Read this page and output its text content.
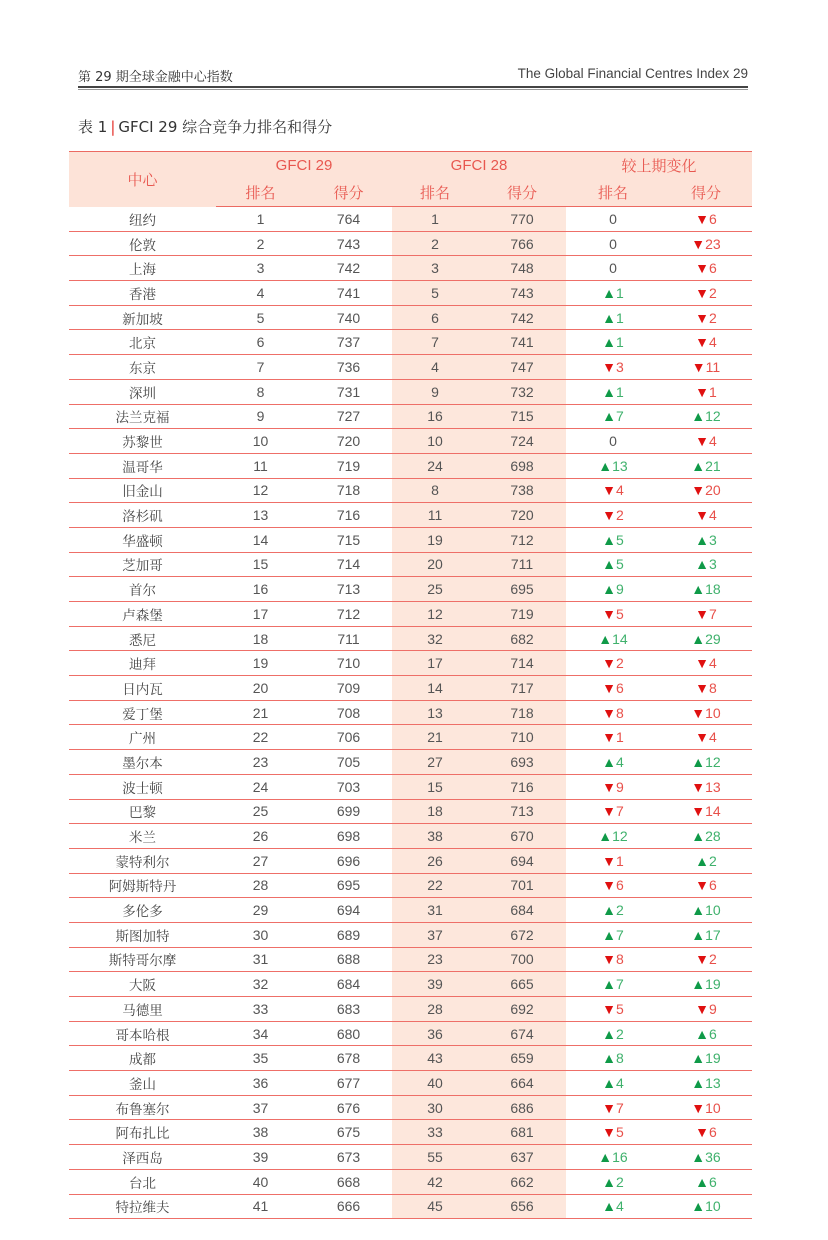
第 29 期全球金融中心指数	The Global Financial Centres Index 29
表 1 | GFCI 29 综合竞争力排名和得分
中心	GFCI 29		GFCI 28		较上期变化	
	排名	得分	排名	得分	排名	得分
纽约	1	764	1	770	0	▼6
伦敦	2	743	2	766	0	▼23
上海	3	742	3	748	0	▼6
香港	4	741	5	743	▲1	▼2
新加坡	5	740	6	742	▲1	▼2
北京	6	737	7	741	▲1	▼4
东京	7	736	4	747	▼3	▼11
深圳	8	731	9	732	▲1	▼1
法兰克福	9	727	16	715	▲7	▲12
苏黎世	10	720	10	724	0	▼4
温哥华	11	719	24	698	▲13	▲21
旧金山	12	718	8	738	▼4	▼20
洛杉矶	13	716	11	720	▼2	▼4
华盛顿	14	715	19	712	▲5	▲3
芝加哥	15	714	20	711	▲5	▲3
首尔	16	713	25	695	▲9	▲18
卢森堡	17	712	12	719	▼5	▼7
悉尼	18	711	32	682	▲14	▲29
迪拜	19	710	17	714	▼2	▼4
日内瓦	20	709	14	717	▼6	▼8
爱丁堡	21	708	13	718	▼8	▼10
广州	22	706	21	710	▼1	▼4
墨尔本	23	705	27	693	▲4	▲12
波士顿	24	703	15	716	▼9	▼13
巴黎	25	699	18	713	▼7	▼14
米兰	26	698	38	670	▲12	▲28
蒙特利尔	27	696	26	694	▼1	▲2
阿姆斯特丹	28	695	22	701	▼6	▼6
多伦多	29	694	31	684	▲2	▲10
斯图加特	30	689	37	672	▲7	▲17
斯特哥尔摩	31	688	23	700	▼8	▼2
大阪	32	684	39	665	▲7	▲19
马德里	33	683	28	692	▼5	▼9
哥本哈根	34	680	36	674	▲2	▲6
成都	35	678	43	659	▲8	▲19
釜山	36	677	40	664	▲4	▲13
布鲁塞尔	37	676	30	686	▼7	▼10
阿布扎比	38	675	33	681	▼5	▼6
泽西岛	39	673	55	637	▲16	▲36
台北	40	668	42	662	▲2	▲6
特拉维夫	41	666	45	656	▲4	▲10
